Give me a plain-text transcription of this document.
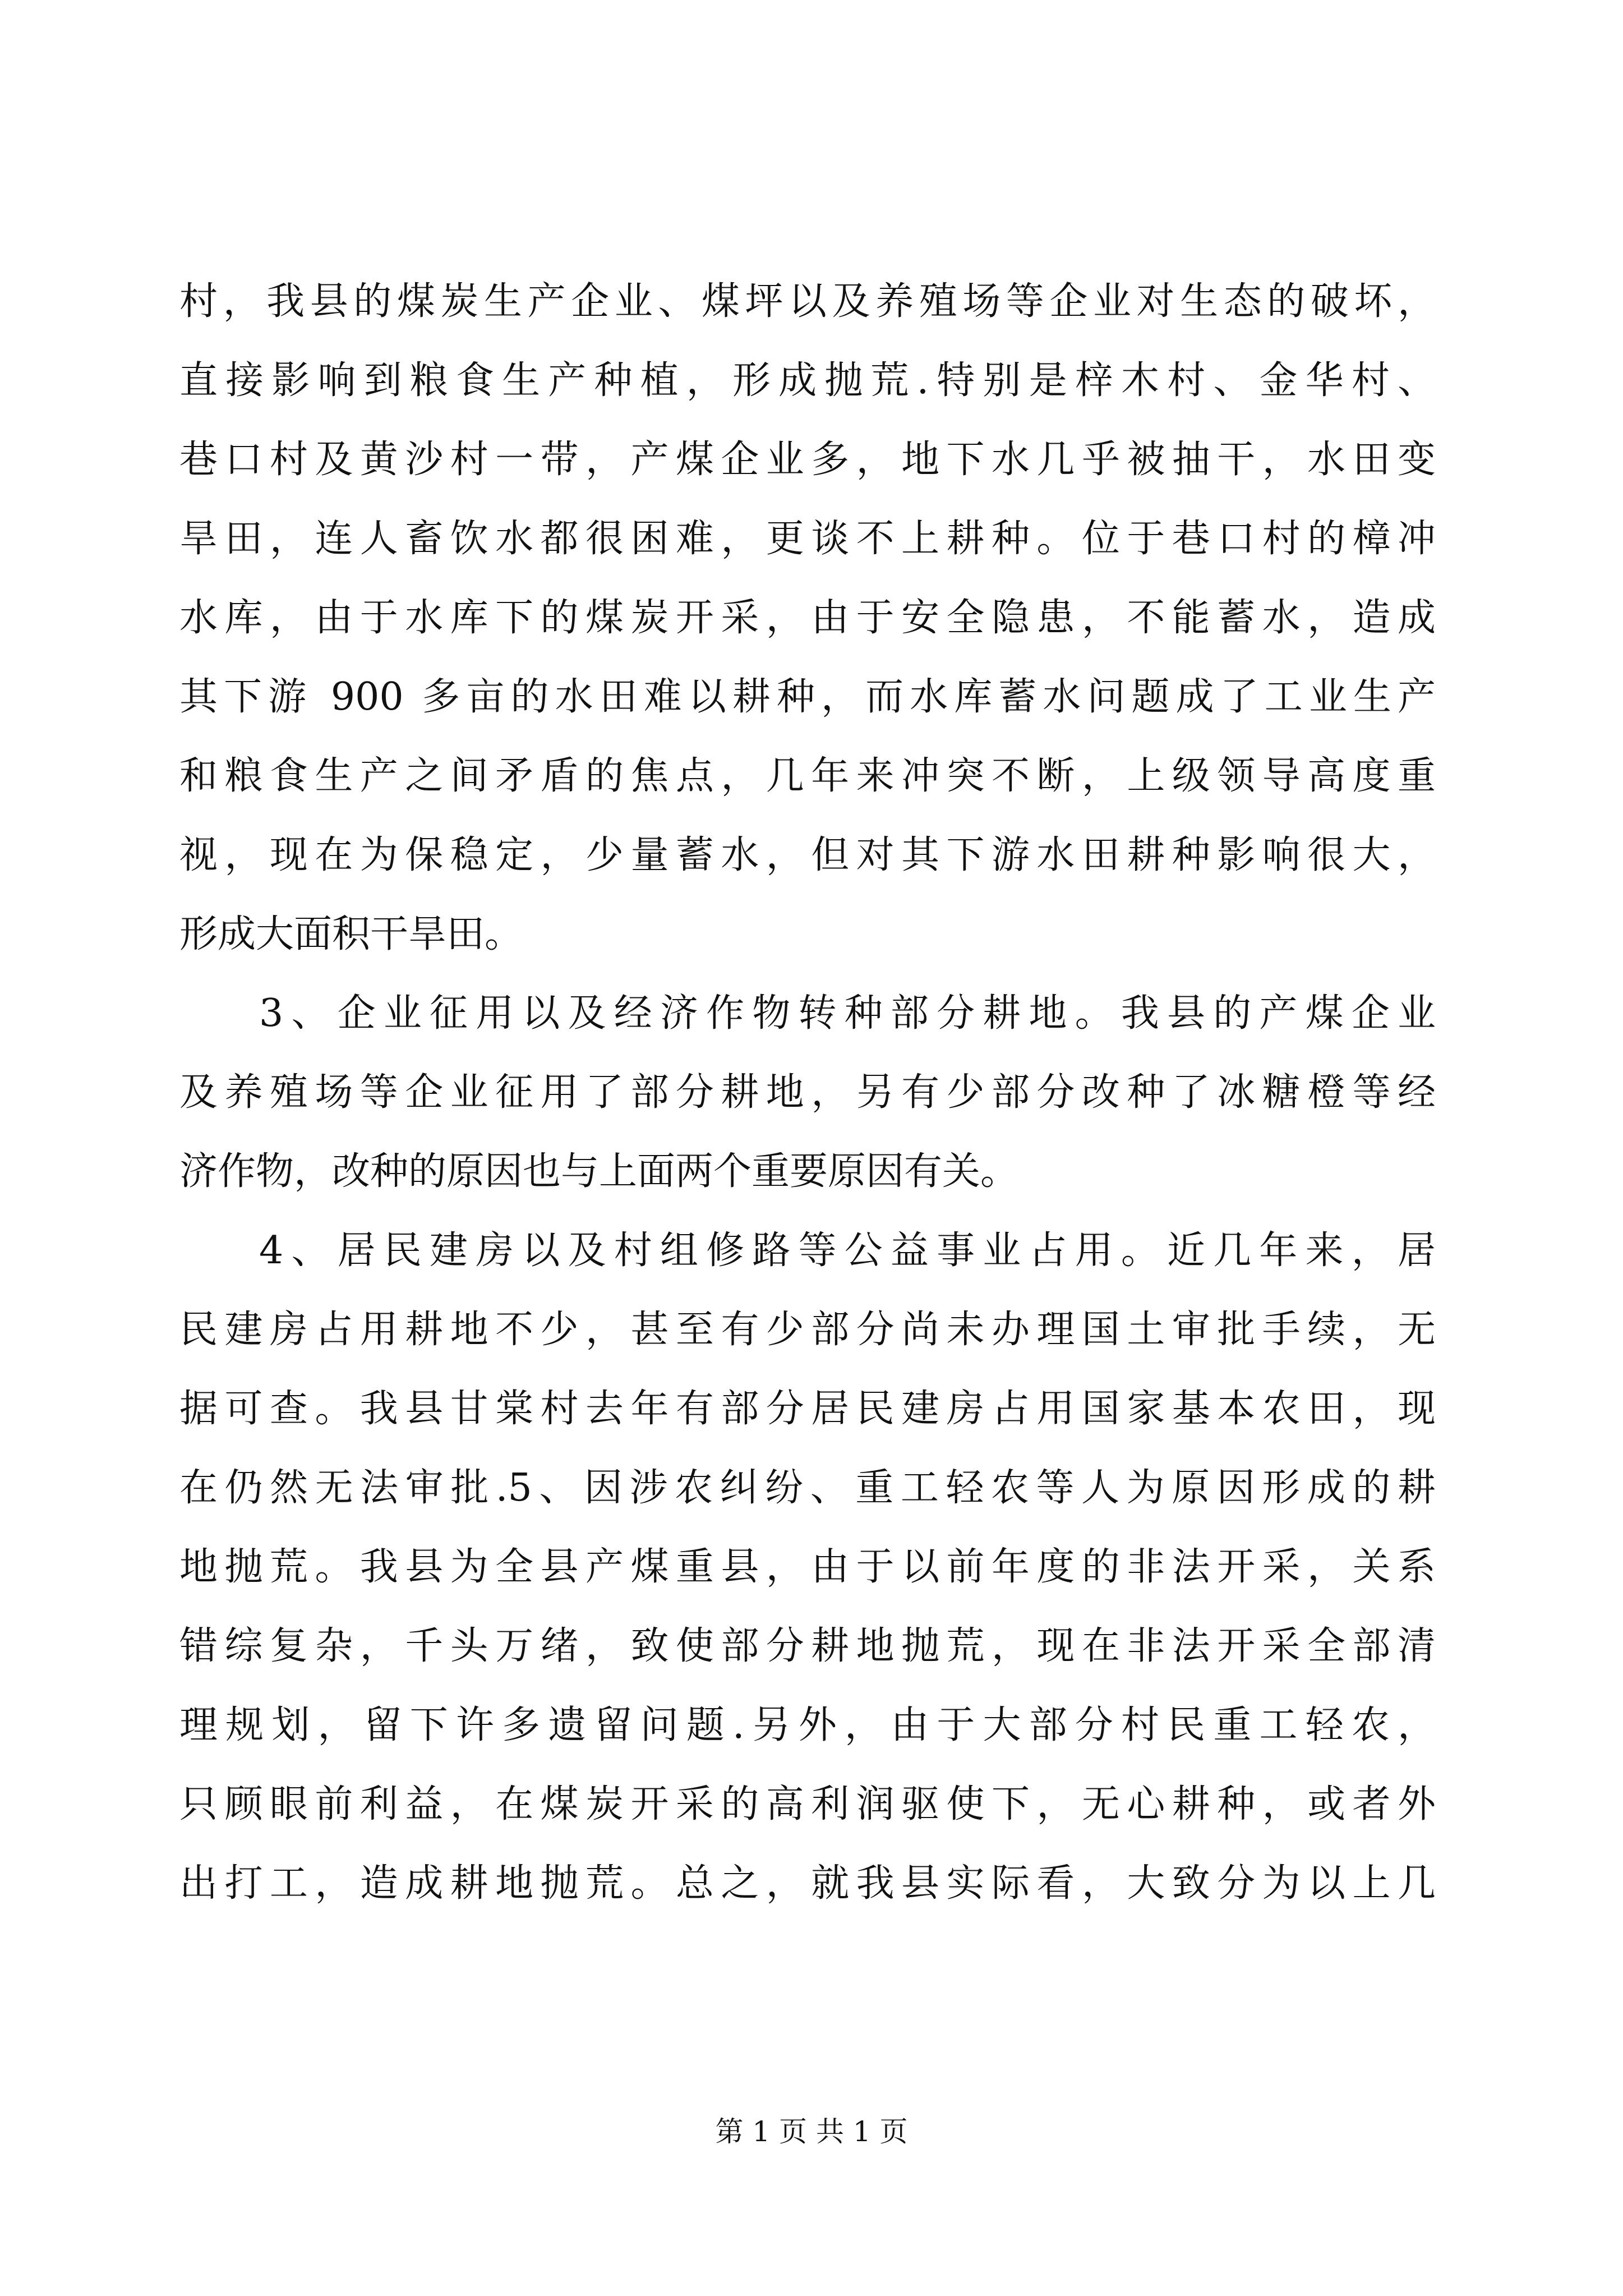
村，我县的煤炭生产企业、煤坪以及养殖场等企业对生态的破坏，
直接影响到粮食生产种植，形成抛荒.特别是梓木村、金华村、
巷口村及黄沙村一带，产煤企业多，地下水几乎被抽干，水田变
旱田，连人畜饮水都很困难，更谈不上耕种。位于巷口村的樟冲
水库，由于水库下的煤炭开采，由于安全隐患，不能蓄水，造成
其下游 900 多亩的水田难以耕种，而水库蓄水问题成了工业生产
和粮食生产之间矛盾的焦点，几年来冲突不断，上级领导高度重
视，现在为保稳定，少量蓄水，但对其下游水田耕种影响很大，
形成大面积干旱田。
3、企业征用以及经济作物转种部分耕地。我县的产煤企业
及养殖场等企业征用了部分耕地，另有少部分改种了冰糖橙等经
济作物，改种的原因也与上面两个重要原因有关。
4、居民建房以及村组修路等公益事业占用。近几年来，居
民建房占用耕地不少，甚至有少部分尚未办理国土审批手续，无
据可查。我县甘棠村去年有部分居民建房占用国家基本农田，现
在仍然无法审批.5、因涉农纠纷、重工轻农等人为原因形成的耕
地抛荒。我县为全县产煤重县，由于以前年度的非法开采，关系
错综复杂，千头万绪，致使部分耕地抛荒，现在非法开采全部清
理规划，留下许多遗留问题.另外，由于大部分村民重工轻农，
只顾眼前利益，在煤炭开采的高利润驱使下，无心耕种，或者外
出打工，造成耕地抛荒。总之，就我县实际看，大致分为以上几
第 1 页 共 1 页
